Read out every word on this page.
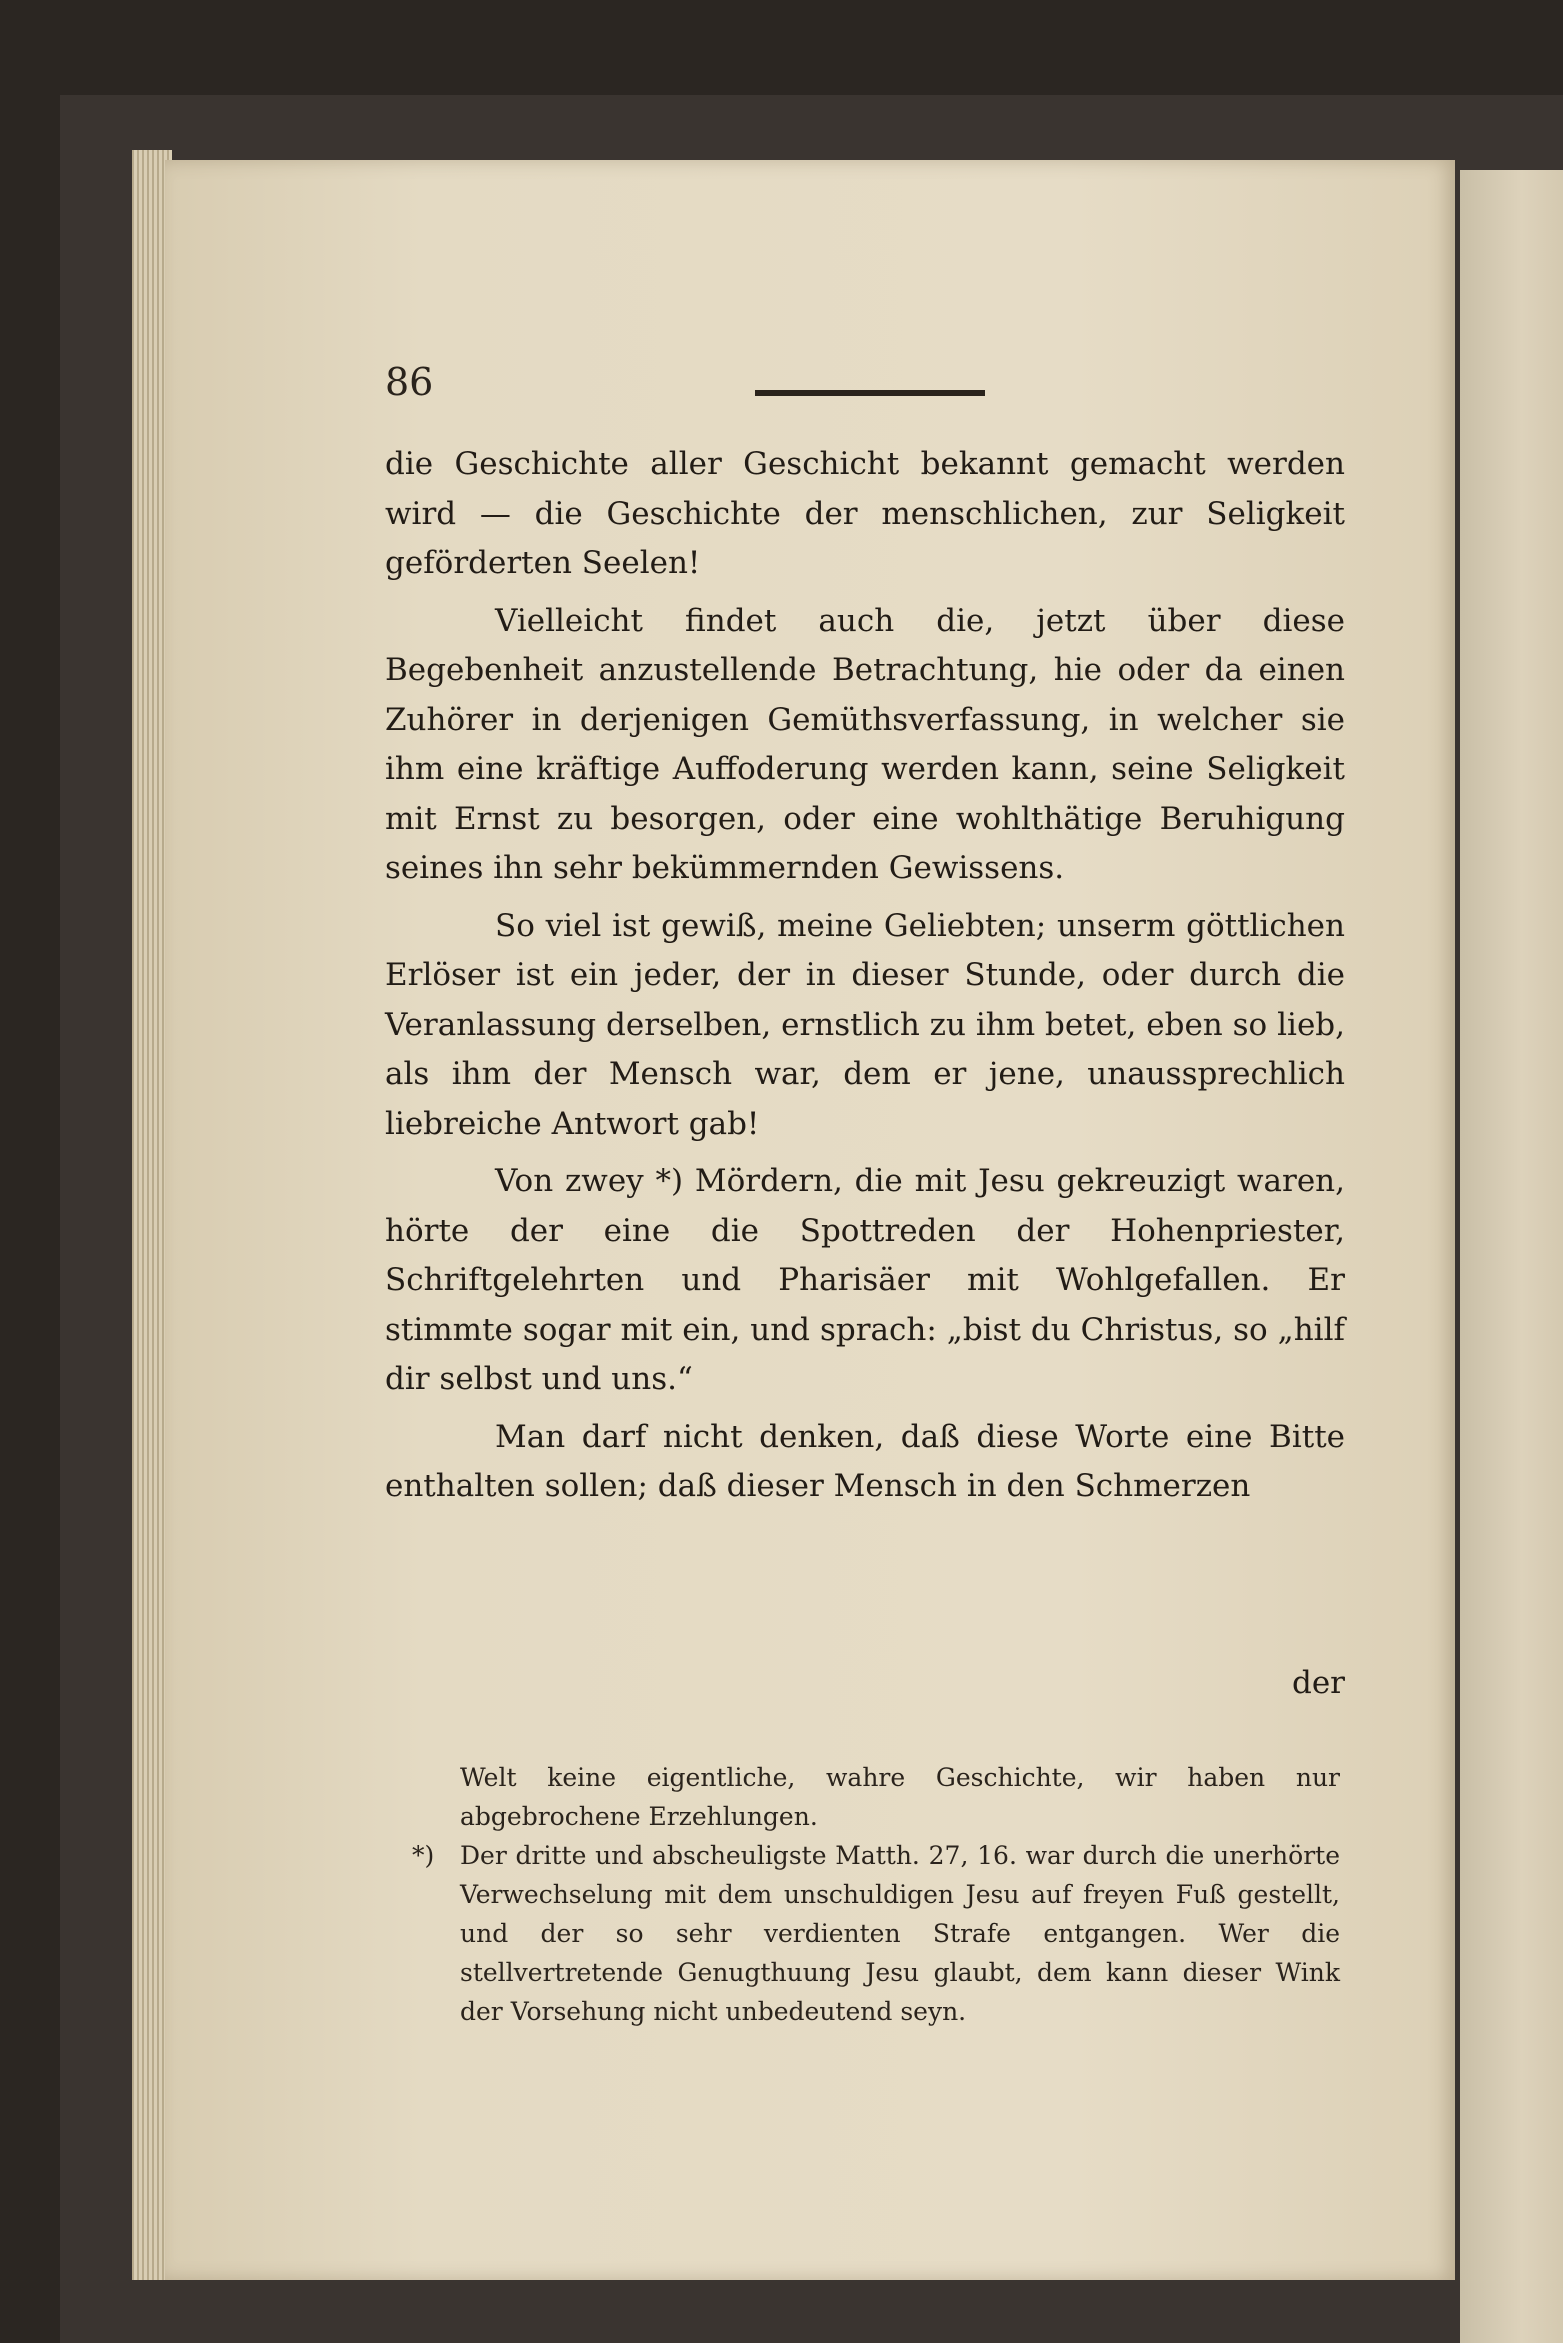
86

die Geschichte aller Geschicht bekannt gemacht werden wird — die Geschichte der menschlichen, zur Seligkeit geförderten Seelen!

Vielleicht findet auch die, jetzt über diese Begebenheit anzustellende Betrachtung, hie oder da einen Zuhörer in derjenigen Gemüthsverfassung, in welcher sie ihm eine kräftige Auffoderung werden kann, seine Seligkeit mit Ernst zu besorgen, oder eine wohlthätige Beruhigung seines ihn sehr bekümmernden Gewissens.

So viel ist gewiß, meine Geliebten; unserm göttlichen Erlöser ist ein jeder, der in dieser Stunde, oder durch die Veranlassung derselben, ernstlich zu ihm betet, eben so lieb, als ihm der Mensch war, dem er jene, unaussprechlich liebreiche Antwort gab!

Von zwey *) Mördern, die mit Jesu gekreuzigt waren, hörte der eine die Spottreden der Hohenpriester, Schriftgelehrten und Pharisäer mit Wohlgefallen. Er stimmte sogar mit ein, und sprach: „bist du Christus, so „hilf dir selbst und uns.“

Man darf nicht denken, daß diese Worte eine Bitte enthalten sollen; daß dieser Mensch in den Schmerzen

der

Welt keine eigentliche, wahre Geschichte, wir haben nur abgebrochene Erzehlungen.

*) Der dritte und abscheuligste Matth. 27, 16. war durch die unerhörte Verwechselung mit dem unschuldigen Jesu auf freyen Fuß gestellt, und der so sehr verdienten Strafe entgangen. Wer die stellvertretende Genugthuung Jesu glaubt, dem kann dieser Wink der Vorsehung nicht unbedeutend seyn.
